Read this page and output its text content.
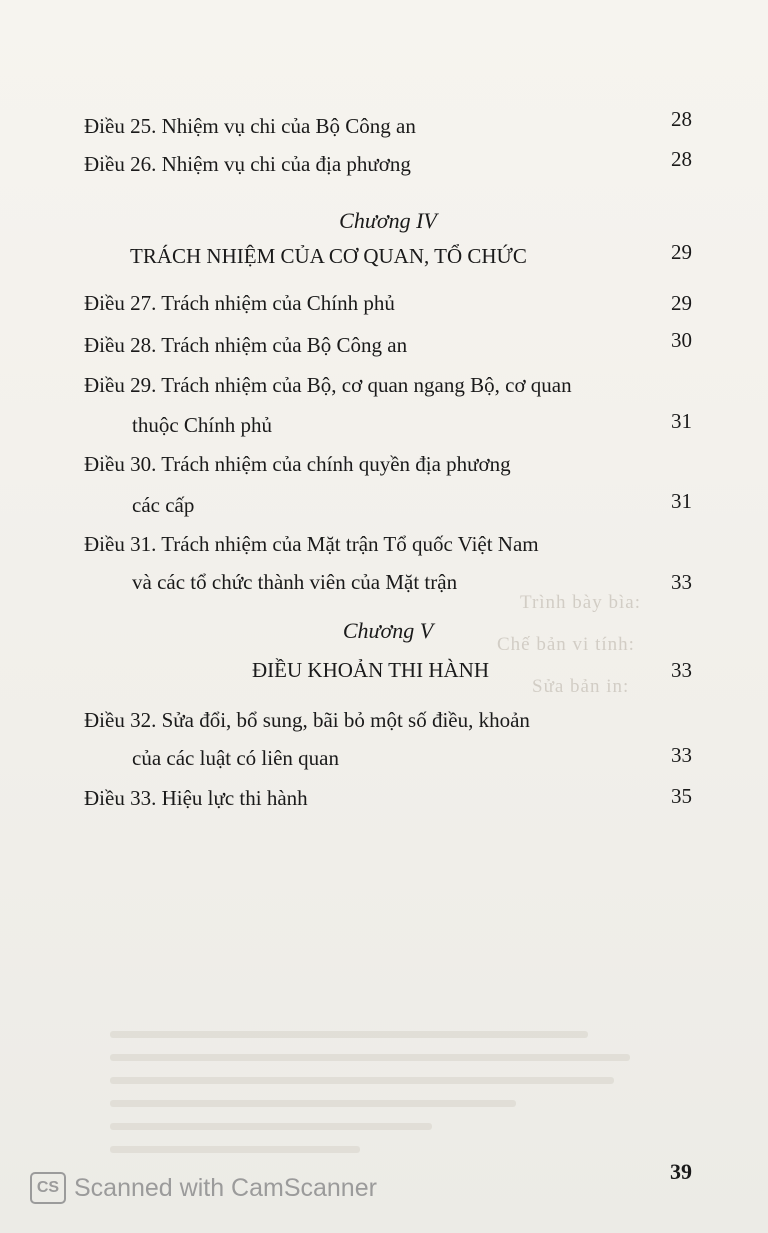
Trình bày bìa:
Chế bản vi tính:
Sửa bản in:
Điều 25. Nhiệm vụ chi của Bộ Công an	28
Điều 26. Nhiệm vụ chi của địa phương	28
Chương IV
TRÁCH NHIỆM CỦA CƠ QUAN, TỔ CHỨC	29
Điều 27. Trách nhiệm của Chính phủ	29
Điều 28. Trách nhiệm của Bộ Công an	30
Điều 29. Trách nhiệm của Bộ, cơ quan ngang Bộ, cơ quan
thuộc Chính phủ	31
Điều 30. Trách nhiệm của chính quyền địa phương
các cấp	31
Điều 31. Trách nhiệm của Mặt trận Tổ quốc Việt Nam
và các tổ chức thành viên của Mặt trận	33
Chương V
ĐIỀU KHOẢN THI HÀNH	33
Điều 32. Sửa đổi, bổ sung, bãi bỏ một số điều, khoản
của các luật có liên quan	33
Điều 33. Hiệu lực thi hành	35
39
CS Scanned with CamScanner
